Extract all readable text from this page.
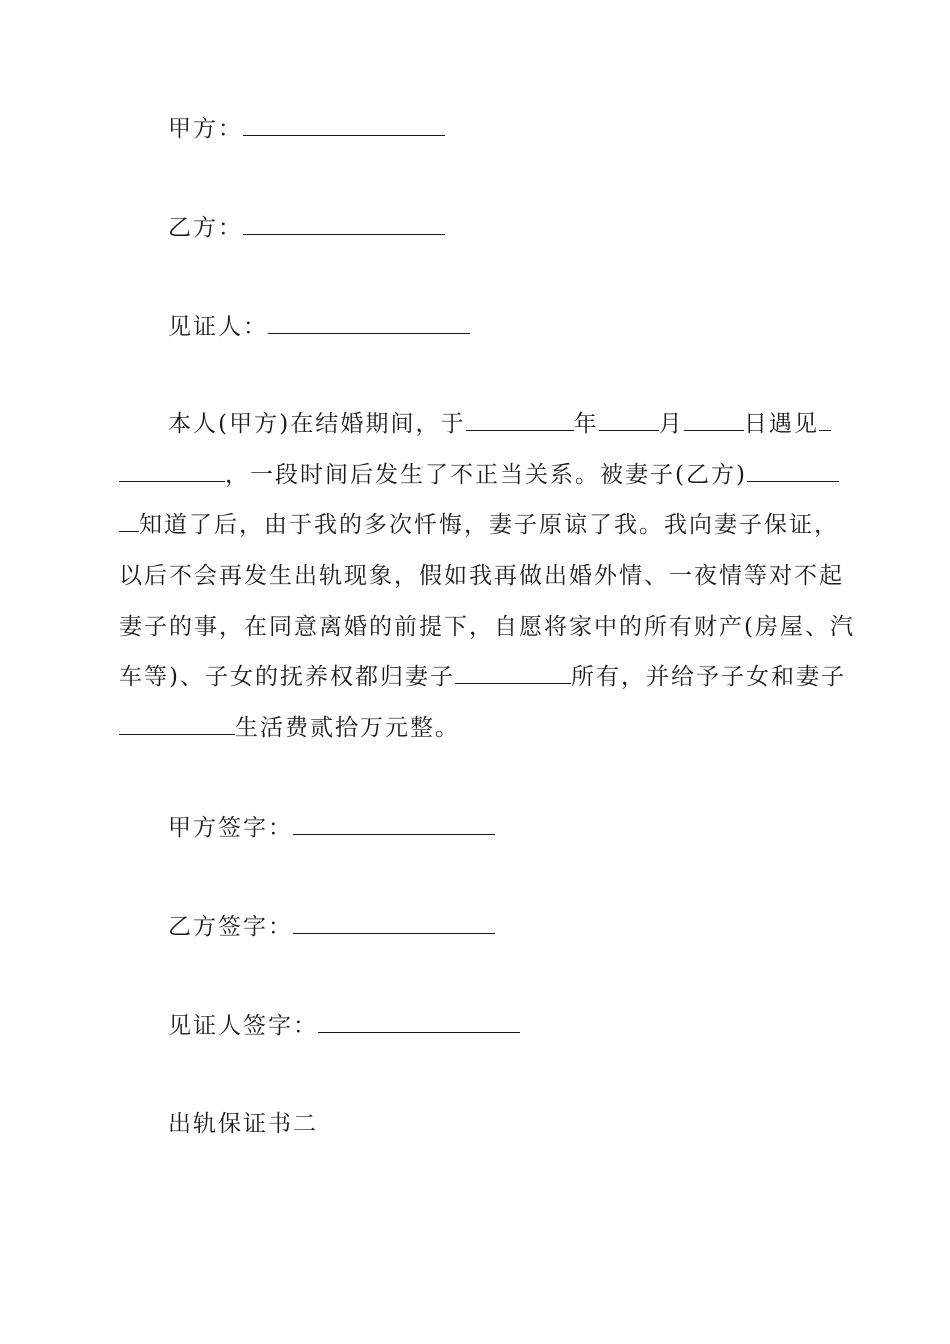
甲方：
乙方：
见证人：
本人(甲方)在结婚期间，于	年	月	日遇见
，一段时间后发生了不正当关系。被妻子(乙方)
知道了后，由于我的多次忏悔，妻子原谅了我。我向妻子保证，
以后不会再发生出轨现象，假如我再做出婚外情、一夜情等对不起
妻子的事，在同意离婚的前提下，自愿将家中的所有财产(房屋、汽
车等)、子女的抚养权都归妻子	所有，并给予子女和妻子
生活费贰拾万元整。
甲方签字：
乙方签字：
见证人签字：
出轨保证书二
